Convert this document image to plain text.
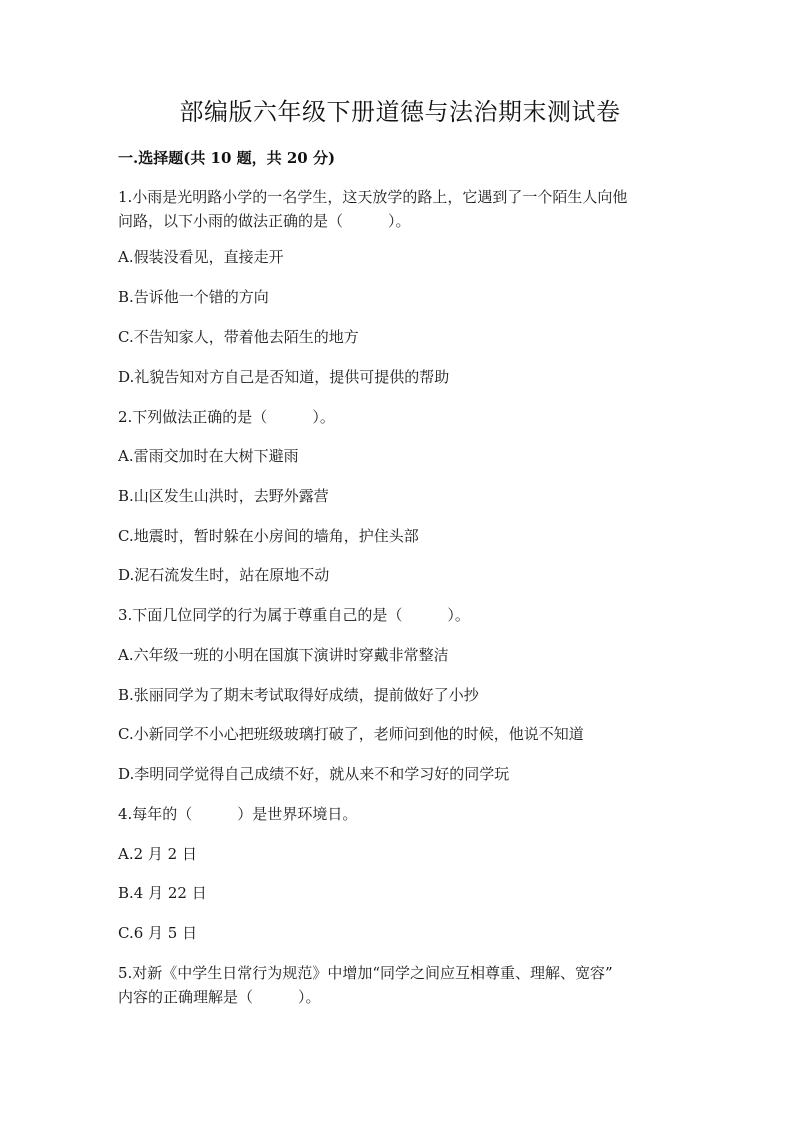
部编版六年级下册道德与法治期末测试卷
一.选择题(共 10 题，共 20 分)

1.小雨是光明路小学的一名学生，这天放学的路上，它遇到了一个陌生人向他

问路，以下小雨的做法正确的是（　　　）。

A.假装没看见，直接走开

B.告诉他一个错的方向

C.不告知家人，带着他去陌生的地方

D.礼貌告知对方自己是否知道，提供可提供的帮助

2.下列做法正确的是（　　　）。

A.雷雨交加时在大树下避雨

B.山区发生山洪时，去野外露营

C.地震时，暂时躲在小房间的墙角，护住头部

D.泥石流发生时，站在原地不动

3.下面几位同学的行为属于尊重自己的是（　　　）。

A.六年级一班的小明在国旗下演讲时穿戴非常整洁

B.张丽同学为了期末考试取得好成绩，提前做好了小抄

C.小新同学不小心把班级玻璃打破了，老师问到他的时候，他说不知道

D.李明同学觉得自己成绩不好，就从来不和学习好的同学玩

4.每年的（　　　）是世界环境日。

A.2 月 2 日

B.4 月 22 日

C.6 月 5 日

5.对新《中学生日常行为规范》中增加“同学之间应互相尊重、理解、宽容”

内容的正确理解是（　　　）。
